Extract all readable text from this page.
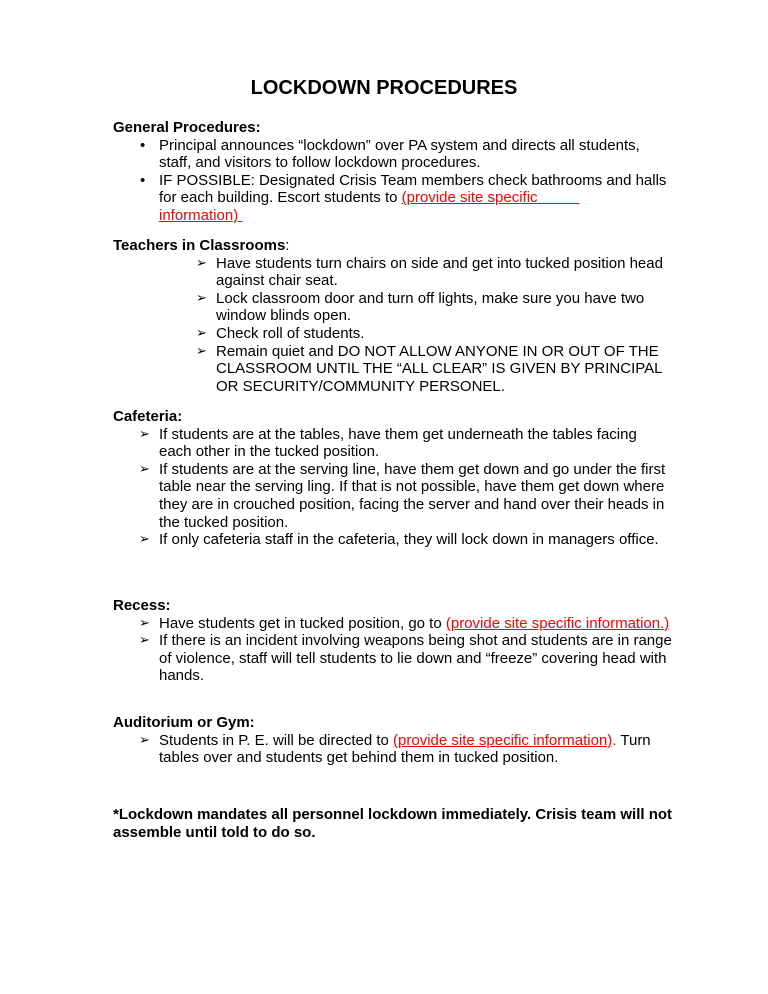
LOCKDOWN PROCEDURES

General Procedures:

• Principal announces “lockdown” over PA system and directs all students, staff, and visitors to follow lockdown procedures.
• IF POSSIBLE: Designated Crisis Team members check bathrooms and halls for each building. Escort students to (provide site specific
information)

Teachers in Classrooms:

➢ Have students turn chairs on side and get into tucked position head against chair seat.
➢ Lock classroom door and turn off lights, make sure you have two window blinds open.
➢ Check roll of students.
➢ Remain quiet and DO NOT ALLOW ANYONE IN OR OUT OF THE CLASSROOM UNTIL THE “ALL CLEAR” IS GIVEN BY PRINCIPAL OR SECURITY/COMMUNITY PERSONEL.

Cafeteria:

➢ If students are at the tables, have them get underneath the tables facing each other in the tucked position.
➢ If students are at the serving line, have them get down and go under the first table near the serving ling. If that is not possible, have them get down where they are in crouched position, facing the server and hand over their heads in the tucked position.
➢ If only cafeteria staff in the cafeteria, they will lock down in managers office.

Recess:

➢ Have students get in tucked position, go to (provide site specific information.)
➢ If there is an incident involving weapons being shot and students are in range of violence, staff will tell students to lie down and “freeze” covering head with hands.

Auditorium or Gym:

➢ Students in P. E. will be directed to (provide site specific information). Turn tables over and students get behind them in tucked position.
*Lockdown mandates all personnel lockdown immediately. Crisis team will not assemble until told to do so.
